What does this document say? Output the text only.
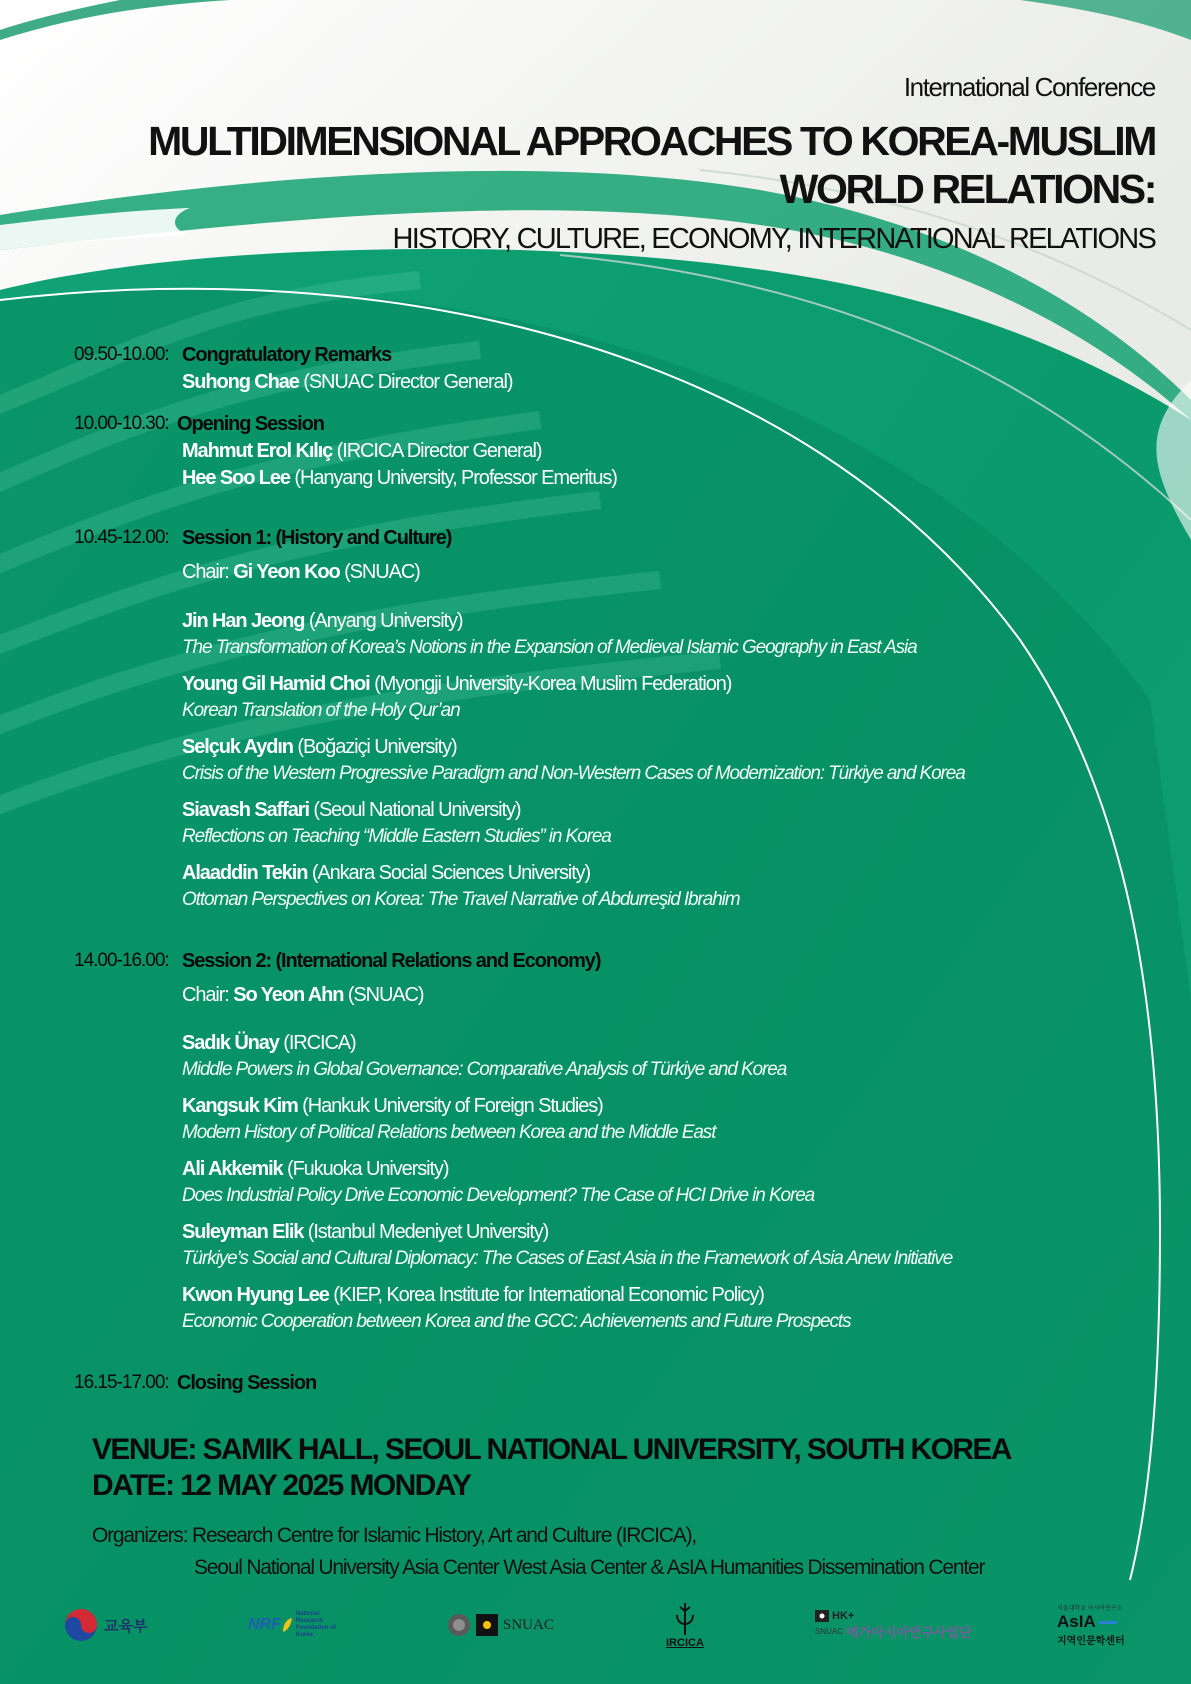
International Conference
MULTIDIMENSIONAL APPROACHES TO KOREA-MUSLIM
WORLD RELATIONS:
HISTORY, CULTURE, ECONOMY, INTERNATIONAL RELATIONS
09.50-10.00: Congratulatory Remarks
Suhong Chae (SNUAC Director General)
10.00-10.30: Opening Session
Mahmut Erol Kılıç (IRCICA Director General)
Hee Soo Lee (Hanyang University, Professor Emeritus)
10.45-12.00: Session 1: (History and Culture)
Chair: Gi Yeon Koo (SNUAC)
Jin Han Jeong (Anyang University)
The Transformation of Korea’s Notions in the Expansion of Medieval Islamic Geography in East Asia
Young Gil Hamid Choi (Myongji University-Korea Muslim Federation)
Korean Translation of the Holy Qur’an
Selçuk Aydın (Boğaziçi University)
Crisis of the Western Progressive Paradigm and Non-Western Cases of Modernization: Türkiye and Korea
Siavash Saffari (Seoul National University)
Reflections on Teaching “Middle Eastern Studies” in Korea
Alaaddin Tekin (Ankara Social Sciences University)
Ottoman Perspectives on Korea: The Travel Narrative of Abdurreşid Ibrahim
14.00-16.00: Session 2: (International Relations and Economy)
Chair: So Yeon Ahn (SNUAC)
Sadık Ünay (IRCICA)
Middle Powers in Global Governance: Comparative Analysis of Türkiye and Korea
Kangsuk Kim (Hankuk University of Foreign Studies)
Modern History of Political Relations between Korea and the Middle East
Ali Akkemik (Fukuoka University)
Does Industrial Policy Drive Economic Development? The Case of HCI Drive in Korea
Suleyman Elik (Istanbul Medeniyet University)
Türkiye’s Social and Cultural Diplomacy: The Cases of East Asia in the Framework of Asia Anew Initiative
Kwon Hyung Lee (KIEP, Korea Institute for International Economic Policy)
Economic Cooperation between Korea and the GCC: Achievements and Future Prospects
16.15-17.00: Closing Session
VENUE: SAMIK HALL, SEOUL NATIONAL UNIVERSITY, SOUTH KOREA
DATE: 12 MAY 2025 MONDAY
Organizers: Research Centre for Islamic History, Art and Culture (IRCICA),
Seoul National University Asia Center West Asia Center & AsIA Humanities Dissemination Center
교육부	NRF
National Research Foundation of Korea
SNUAC
IRCICA
HK+
SNUAC 메가아시아연구사업단
서울대학교 아시아연구소
AsIA
지역인문학센터
